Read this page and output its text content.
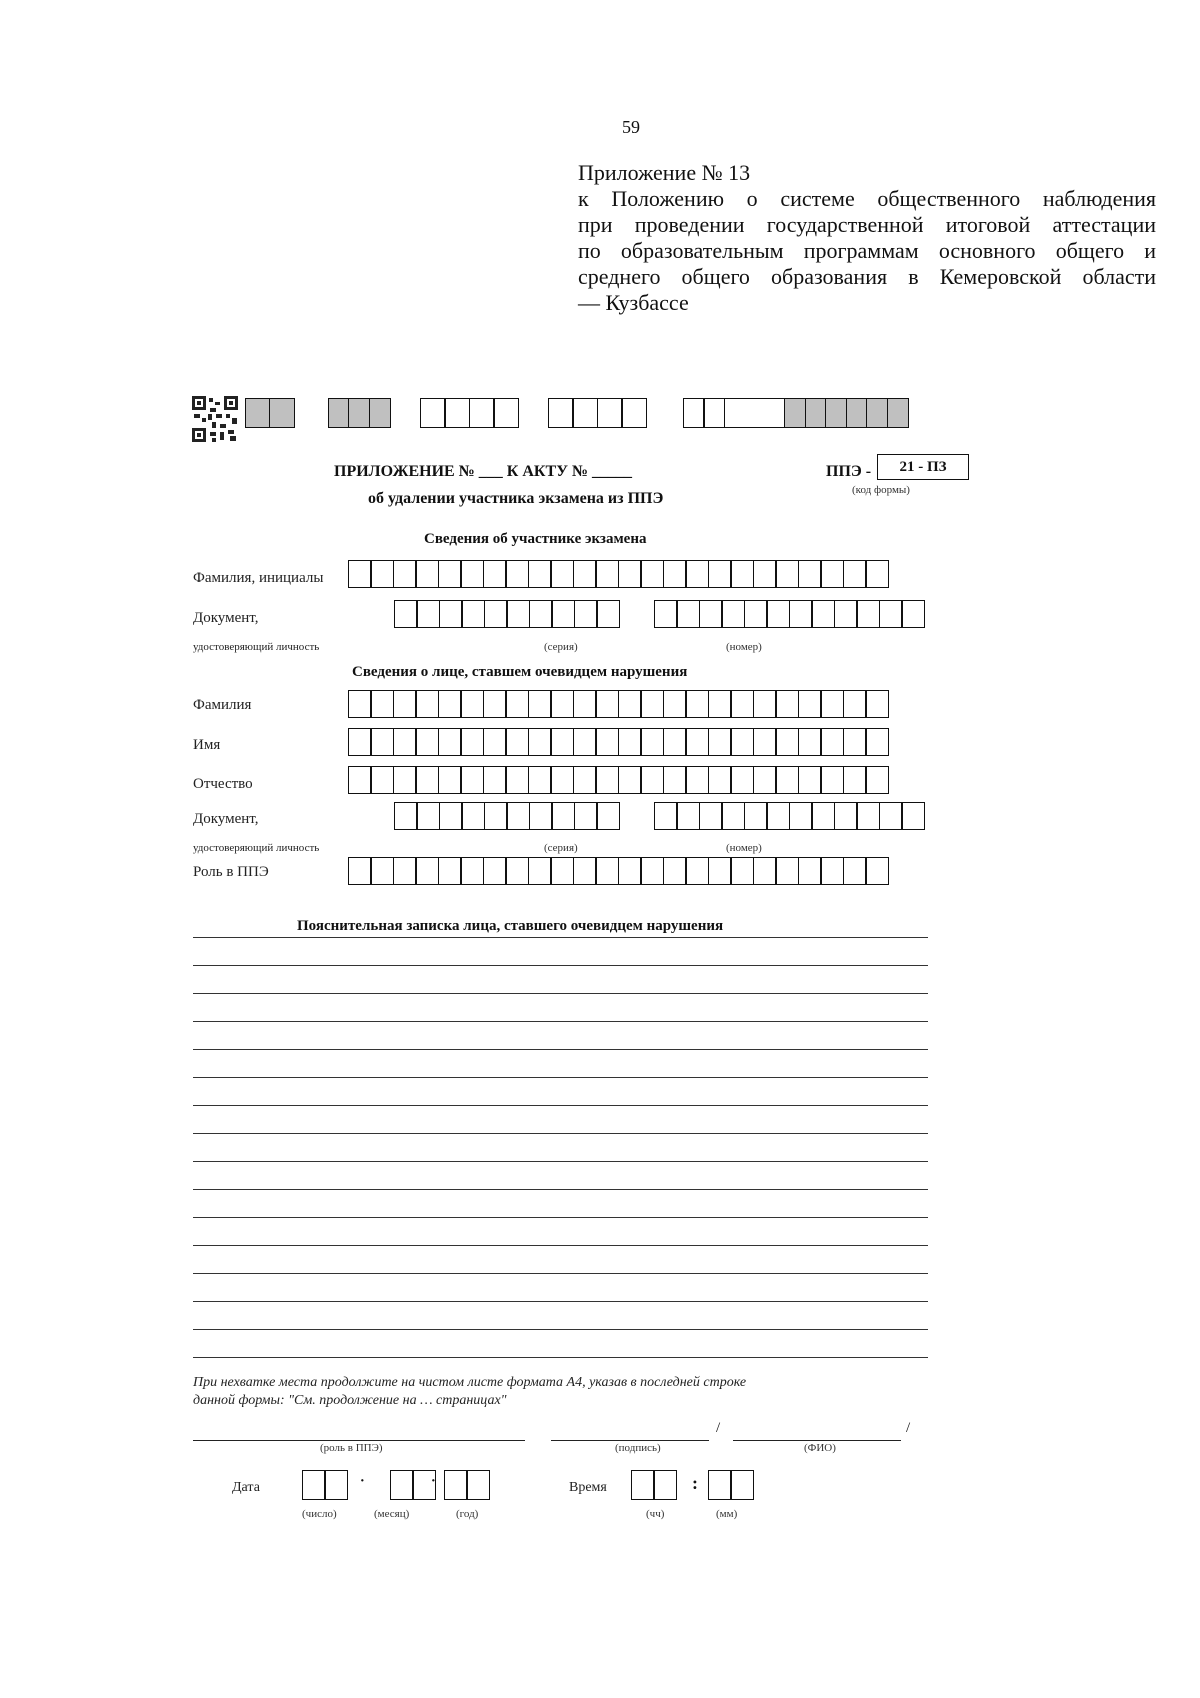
59
Приложение № 13
к Положению о системе общественного наблюдения
при проведении государственной итоговой аттестации
по образовательным программам основного общего и
среднего общего образования в Кемеровской области
— Кузбассе
ПРИЛОЖЕНИЕ № ___ К АКТУ № _____
об удалении участника экзамена из ППЭ
ППЭ -	21 - ПЗ
(код формы)
Сведения об участнике экзамена
Фамилия, инициалы
Документ,
удостоверяющий личность	(серия)	(номер)
Сведения о лице, ставшем очевидцем нарушения
Фамилия
Имя
Отчество
Документ,
удостоверяющий личность	(серия)	(номер)
Роль в ППЭ
Пояснительная записка лица, ставшего очевидцем нарушения
При нехватке места продолжите на чистом листе формата А4, указав в последней строке
данной формы: "См. продолжение на … страницах"
/	/
(роль в ППЭ)	(подпись)	(ФИО)
Дата	·	·
(число)	(месяц)	(год)
Время	:
(чч)	(мм)
